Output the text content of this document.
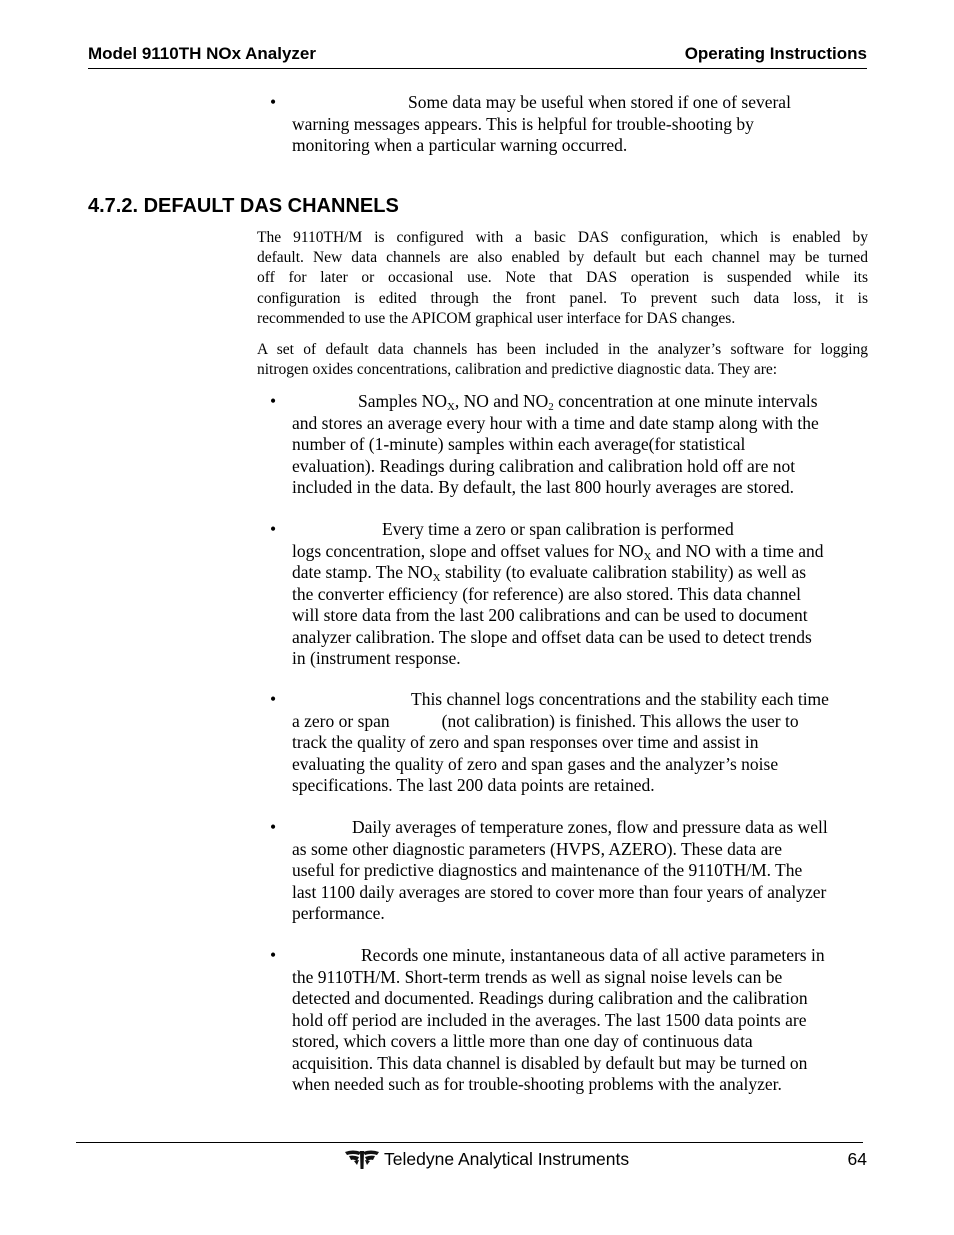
Model 9110TH NOx Analyzer	Operating Instructions
•	Some data may be useful when stored if one of several
warning messages appears. This is helpful for trouble-shooting by
monitoring when a particular warning occurred.
4.7.2. DEFAULT DAS CHANNELS
The 9110TH/M is configured with a basic DAS configuration, which is enabled by
default. New data channels are also enabled by default but each channel may be turned
off for later or occasional use. Note that DAS operation is suspended while its
configuration is edited through the front panel. To prevent such data loss, it is
recommended to use the APICOM graphical user interface for DAS changes.
A set of default data channels has been included in the analyzer’s software for logging
nitrogen oxides concentrations, calibration and predictive diagnostic data. They are:
•	Samples $NO_X$, NO and $NO_2$ concentration at one minute intervals
and stores an average every hour with a time and date stamp along with the
number of (1-minute) samples within each average(for statistical
evaluation). Readings during calibration and calibration hold off are not
included in the data. By default, the last 800 hourly averages are stored.
•	Every time a zero or span calibration is performed
logs concentration, slope and offset values for $NO_X$ and NO with a time and
date stamp. The $NO_X$ stability (to evaluate calibration stability) as well as
the converter efficiency (for reference) are also stored. This data channel
will store data from the last 200 calibrations and can be used to document
analyzer calibration. The slope and offset data can be used to detect trends
in (instrument response.
•	This channel logs concentrations and the stability each time
a zero or span	(not calibration) is finished. This allows the user to
track the quality of zero and span responses over time and assist in
evaluating the quality of zero and span gases and the analyzer’s noise
specifications. The last 200 data points are retained.
•	Daily averages of temperature zones, flow and pressure data as well
as some other diagnostic parameters (HVPS, AZERO). These data are
useful for predictive diagnostics and maintenance of the 9110TH/M. The
last 1100 daily averages are stored to cover more than four years of analyzer
performance.
•	Records one minute, instantaneous data of all active parameters in
the 9110TH/M. Short-term trends as well as signal noise levels can be
detected and documented. Readings during calibration and the calibration
hold off period are included in the averages. The last 1500 data points are
stored, which covers a little more than one day of continuous data
acquisition. This data channel is disabled by default but may be turned on
when needed such as for trouble-shooting problems with the analyzer.
Teledyne Analytical Instruments	64
